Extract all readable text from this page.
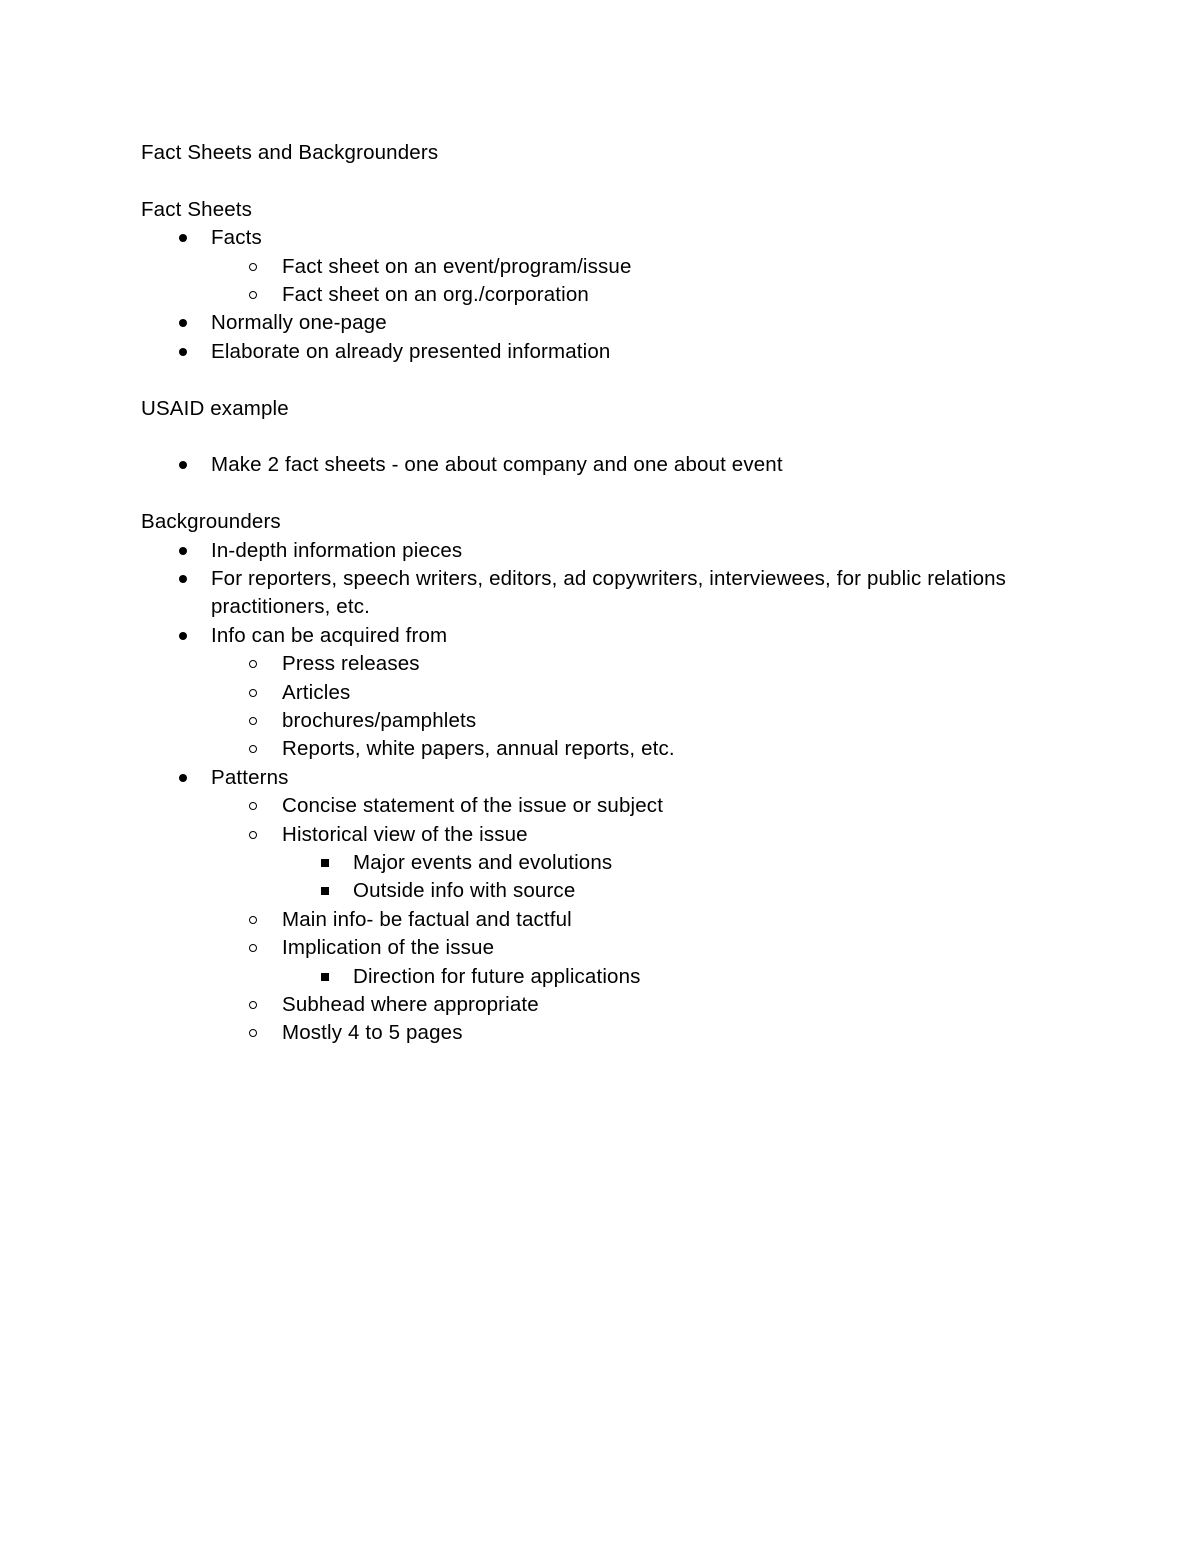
Fact Sheets and Backgrounders

Fact Sheets

Facts
Fact sheet on an event/program/issue
Fact sheet on an org./corporation
Normally one-page
Elaborate on already presented information

USAID example

Make 2 fact sheets - one about company and one about event

Backgrounders

In-depth information pieces
For reporters, speech writers, editors, ad copywriters, interviewees, for public relations practitioners, etc.
Info can be acquired from
Press releases
Articles
brochures/pamphlets
Reports, white papers, annual reports, etc.
Patterns
Concise statement of the issue or subject
Historical view of the issue
Major events and evolutions
Outside info with source
Main info- be factual and tactful
Implication of the issue
Direction for future applications
Subhead where appropriate
Mostly 4 to 5 pages
